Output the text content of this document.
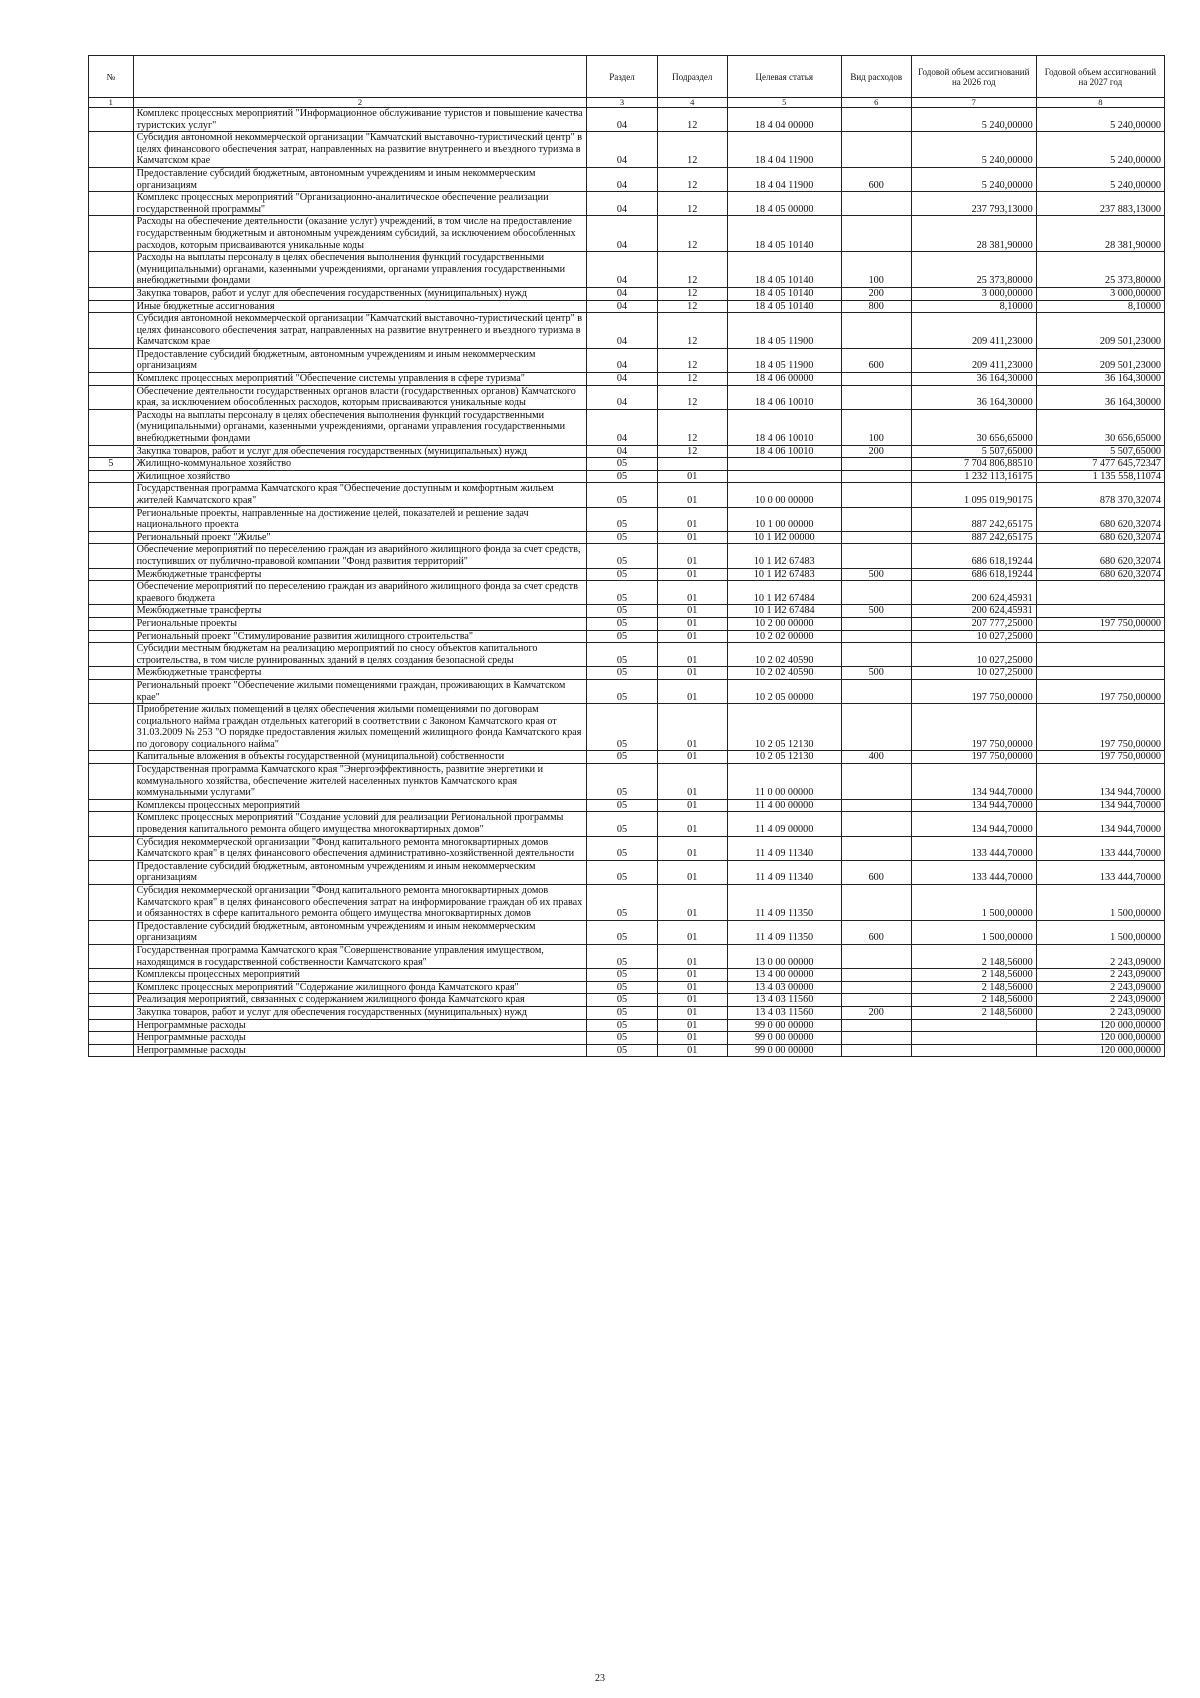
№		Раздел	Подраздел	Целевая статья	Вид расходов	Годовой объем ассигнований на 2026 год	Годовой объем ассигнований на 2027 год
1	2	3	4	5	6	7	8
	Комплекс процессных мероприятий "Информационное обслуживание туристов и повышение качества туристских услуг"	04	12	18 4 04 00000		5 240,00000	5 240,00000
	Субсидия автономной некоммерческой организации "Камчатский выставочно-туристический центр" в целях финансового обеспечения затрат, направленных на развитие внутреннего и въездного туризма в Камчатском крае	04	12	18 4 04 11900		5 240,00000	5 240,00000
	Предоставление субсидий бюджетным, автономным учреждениям и иным некоммерческим организациям	04	12	18 4 04 11900	600	5 240,00000	5 240,00000
	Комплекс процессных мероприятий "Организационно-аналитическое обеспечение реализации государственной программы"	04	12	18 4 05 00000		237 793,13000	237 883,13000
	Расходы на обеспечение деятельности (оказание услуг) учреждений, в том числе на предоставление государственным бюджетным и автономным учреждениям субсидий, за исключением обособленных расходов, которым присваиваются уникальные коды	04	12	18 4 05 10140		28 381,90000	28 381,90000
	Расходы на выплаты персоналу в целях обеспечения выполнения функций государственными (муниципальными) органами, казенными учреждениями, органами управления государственными внебюджетными фондами	04	12	18 4 05 10140	100	25 373,80000	25 373,80000
	Закупка товаров, работ и услуг для обеспечения государственных (муниципальных) нужд	04	12	18 4 05 10140	200	3 000,00000	3 000,00000
	Иные бюджетные ассигнования	04	12	18 4 05 10140	800	8,10000	8,10000
	Субсидия автономной некоммерческой организации "Камчатский выставочно-туристический центр" в целях финансового обеспечения затрат, направленных на развитие внутреннего и въездного туризма в Камчатском крае	04	12	18 4 05 11900		209 411,23000	209 501,23000
	Предоставление субсидий бюджетным, автономным учреждениям и иным некоммерческим организациям	04	12	18 4 05 11900	600	209 411,23000	209 501,23000
	Комплекс процессных мероприятий "Обеспечение системы управления в сфере туризма"	04	12	18 4 06 00000		36 164,30000	36 164,30000
	Обеспечение деятельности государственных органов власти (государственных органов) Камчатского края, за исключением обособленных расходов, которым присваиваются уникальные коды	04	12	18 4 06 10010		36 164,30000	36 164,30000
	Расходы на выплаты персоналу в целях обеспечения выполнения функций государственными (муниципальными) органами, казенными учреждениями, органами управления государственными внебюджетными фондами	04	12	18 4 06 10010	100	30 656,65000	30 656,65000
	Закупка товаров, работ и услуг для обеспечения государственных (муниципальных) нужд	04	12	18 4 06 10010	200	5 507,65000	5 507,65000
5	Жилищно-коммунальное хозяйство	05				7 704 806,88510	7 477 645,72347
	Жилищное хозяйство	05	01			1 232 113,16175	1 135 558,11074
	Государственная программа Камчатского края "Обеспечение доступным и комфортным жильем жителей Камчатского края"	05	01	10 0 00 00000		1 095 019,90175	878 370,32074
	Региональные проекты, направленные на достижение целей, показателей и решение задач национального проекта	05	01	10 1 00 00000		887 242,65175	680 620,32074
	Региональный проект "Жилье"	05	01	10 1 И2 00000		887 242,65175	680 620,32074
	Обеспечение мероприятий по переселению граждан из аварийного жилищного фонда за счет средств, поступивших от публично-правовой компании "Фонд развития территорий"	05	01	10 1 И2 67483		686 618,19244	680 620,32074
	Межбюджетные трансферты	05	01	10 1 И2 67483	500	686 618,19244	680 620,32074
	Обеспечение мероприятий по переселению граждан из аварийного жилищного фонда за счет средств краевого бюджета	05	01	10 1 И2 67484		200 624,45931	
	Межбюджетные трансферты	05	01	10 1 И2 67484	500	200 624,45931	
	Региональные проекты	05	01	10 2 00 00000		207 777,25000	197 750,00000
	Региональный проект "Стимулирование развития жилищного строительства"	05	01	10 2 02 00000		10 027,25000	
	Субсидии местным бюджетам на реализацию мероприятий по сносу объектов капитального строительства, в том числе руинированных зданий в целях создания безопасной среды	05	01	10 2 02 40590		10 027,25000	
	Межбюджетные трансферты	05	01	10 2 02 40590	500	10 027,25000	
	Региональный проект "Обеспечение жилыми помещениями граждан, проживающих в Камчатском крае"	05	01	10 2 05 00000		197 750,00000	197 750,00000
	Приобретение жилых помещений в целях обеспечения жилыми помещениями по договорам социального найма граждан отдельных категорий в соответствии с Законом Камчатского края от 31.03.2009 № 253 "О порядке предоставления жилых помещений жилищного фонда Камчатского края по договору социального найма"	05	01	10 2 05 12130		197 750,00000	197 750,00000
	Капитальные вложения в объекты государственной (муниципальной) собственности	05	01	10 2 05 12130	400	197 750,00000	197 750,00000
	Государственная программа Камчатского края "Энергоэффективность, развитие энергетики и коммунального хозяйства, обеспечение жителей населенных пунктов Камчатского края коммунальными услугами"	05	01	11 0 00 00000		134 944,70000	134 944,70000
	Комплексы процессных мероприятий	05	01	11 4 00 00000		134 944,70000	134 944,70000
	Комплекс процессных мероприятий "Создание условий для реализации Региональной программы проведения капитального ремонта общего имущества многоквартирных домов"	05	01	11 4 09 00000		134 944,70000	134 944,70000
	Субсидия некоммерческой организации "Фонд капитального ремонта многоквартирных домов Камчатского края" в целях финансового обеспечения административно-хозяйственной деятельности	05	01	11 4 09 11340		133 444,70000	133 444,70000
	Предоставление субсидий бюджетным, автономным учреждениям и иным некоммерческим организациям	05	01	11 4 09 11340	600	133 444,70000	133 444,70000
	Субсидия некоммерческой организации "Фонд капитального ремонта многоквартирных домов Камчатского края" в целях финансового обеспечения затрат на информирование граждан об их правах и обязанностях в сфере капитального ремонта общего имущества многоквартирных домов	05	01	11 4 09 11350		1 500,00000	1 500,00000
	Предоставление субсидий бюджетным, автономным учреждениям и иным некоммерческим организациям	05	01	11 4 09 11350	600	1 500,00000	1 500,00000
	Государственная программа Камчатского края "Совершенствование управления имуществом, находящимся в государственной собственности Камчатского края"	05	01	13 0 00 00000		2 148,56000	2 243,09000
	Комплексы процессных мероприятий	05	01	13 4 00 00000		2 148,56000	2 243,09000
	Комплекс процессных мероприятий "Содержание жилищного фонда Камчатского края"	05	01	13 4 03 00000		2 148,56000	2 243,09000
	Реализация мероприятий, связанных с содержанием жилищного фонда Камчатского края	05	01	13 4 03 11560		2 148,56000	2 243,09000
	Закупка товаров, работ и услуг для обеспечения государственных (муниципальных) нужд	05	01	13 4 03 11560	200	2 148,56000	2 243,09000
	Непрограммные расходы	05	01	99 0 00 00000			120 000,00000
	Непрограммные расходы	05	01	99 0 00 00000			120 000,00000
	Непрограммные расходы	05	01	99 0 00 00000			120 000,00000
23
